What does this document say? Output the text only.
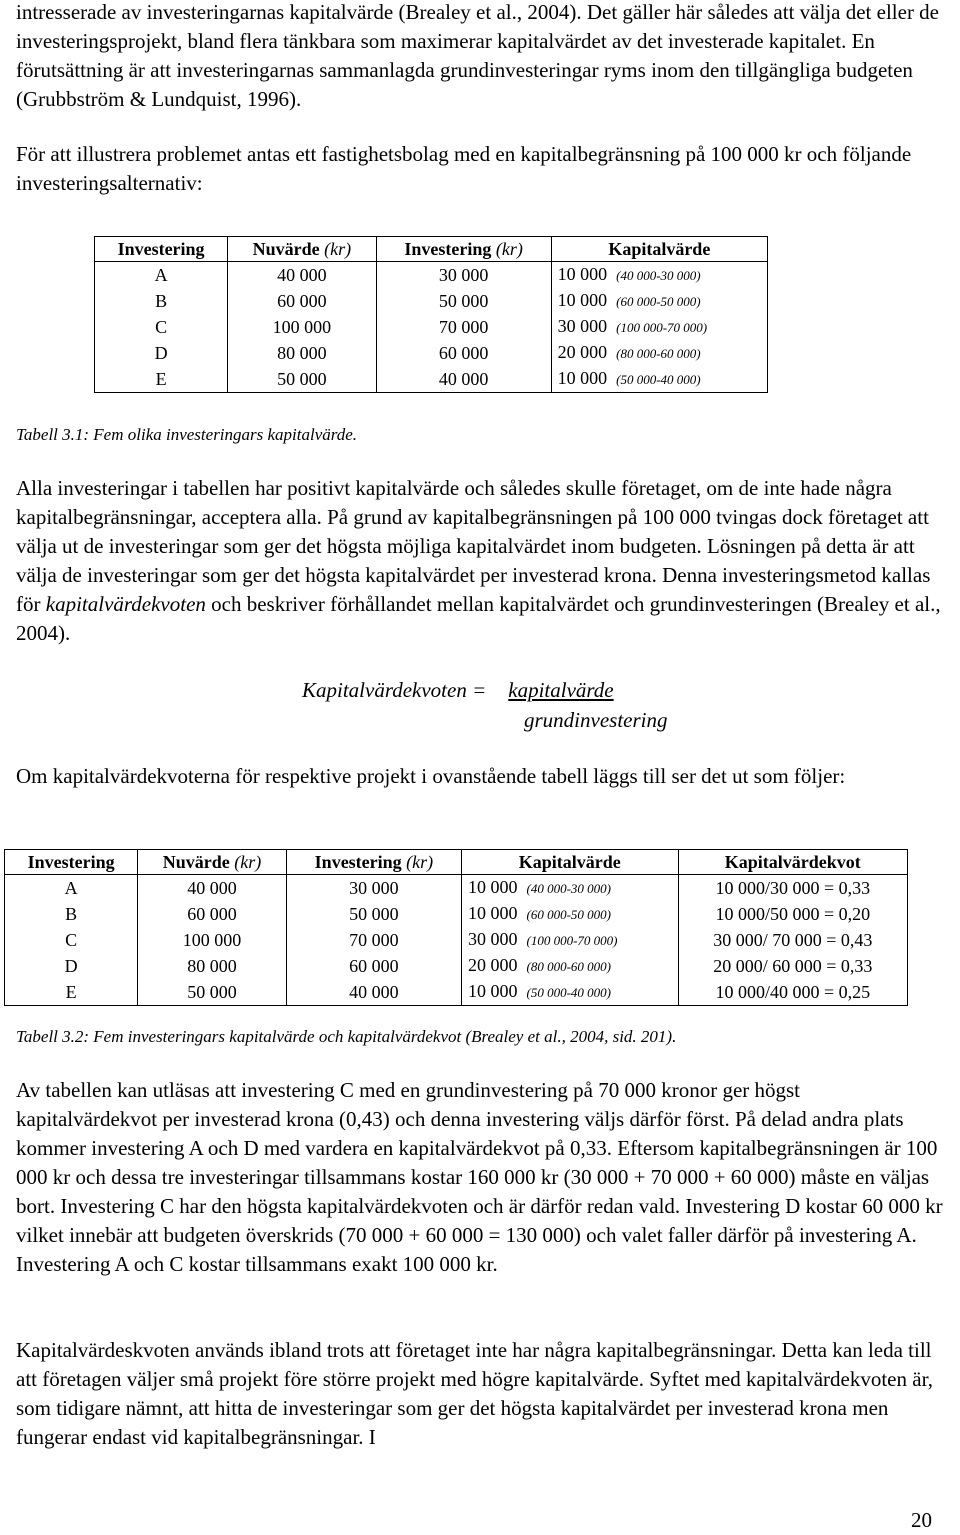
intresserade av investeringarnas kapitalvärde (Brealey et al., 2004). Det gäller här således att välja det eller de investeringsprojekt, bland flera tänkbara som maximerar kapitalvärdet av det investerade kapitalet. En förutsättning är att investeringarnas sammanlagda grundinvesteringar ryms inom den tillgängliga budgeten (Grubbström & Lundquist, 1996).

För att illustrera problemet antas ett fastighetsbolag med en kapitalbegränsning på 100 000 kr och följande investeringsalternativ:

Investering	Nuvärde (kr)	Investering (kr)	Kapitalvärde
A	40 000	30 000	10 000 (40 000-30 000)
B	60 000	50 000	10 000 (60 000-50 000)
C	100 000	70 000	30 000 (100 000-70 000)
D	80 000	60 000	20 000 (80 000-60 000)
E	50 000	40 000	10 000 (50 000-40 000)
Tabell 3.1: Fem olika investeringars kapitalvärde.

Alla investeringar i tabellen har positivt kapitalvärde och således skulle företaget, om de inte hade några kapitalbegränsningar, acceptera alla. På grund av kapitalbegränsningen på 100 000 tvingas dock företaget att välja ut de investeringar som ger det högsta möjliga kapitalvärdet inom budgeten. Lösningen på detta är att välja de investeringar som ger det högsta kapitalvärdet per investerad krona. Denna investeringsmetod kallas för kapitalvärdekvoten och beskriver förhållandet mellan kapitalvärdet och grundinvesteringen (Brealey et al., 2004).

Kapitalvärdekvoten = kapitalvärde
grundinvestering

Om kapitalvärdekvoterna för respektive projekt i ovanstående tabell läggs till ser det ut som följer:

Investering	Nuvärde (kr)	Investering (kr)	Kapitalvärde	Kapitalvärdekvot
A	40 000	30 000	10 000 (40 000-30 000)	10 000/30 000 = 0,33
B	60 000	50 000	10 000 (60 000-50 000)	10 000/50 000 = 0,20
C	100 000	70 000	30 000 (100 000-70 000)	30 000/ 70 000 = 0,43
D	80 000	60 000	20 000 (80 000-60 000)	20 000/ 60 000 = 0,33
E	50 000	40 000	10 000 (50 000-40 000)	10 000/40 000 = 0,25
Tabell 3.2: Fem investeringars kapitalvärde och kapitalvärdekvot (Brealey et al., 2004, sid. 201).

Av tabellen kan utläsas att investering C med en grundinvestering på 70 000 kronor ger högst kapitalvärdekvot per investerad krona (0,43) och denna investering väljs därför först. På delad andra plats kommer investering A och D med vardera en kapitalvärdekvot på 0,33. Eftersom kapitalbegränsningen är 100 000 kr och dessa tre investeringar tillsammans kostar 160 000 kr (30 000 + 70 000 + 60 000) måste en väljas bort. Investering C har den högsta kapitalvärdekvoten och är därför redan vald. Investering D kostar 60 000 kr vilket innebär att budgeten överskrids (70 000 + 60 000 = 130 000) och valet faller därför på investering A. Investering A och C kostar tillsammans exakt 100 000 kr.

Kapitalvärdeskvoten används ibland trots att företaget inte har några kapitalbegränsningar. Detta kan leda till att företagen väljer små projekt före större projekt med högre kapitalvärde. Syftet med kapitalvärdekvoten är, som tidigare nämnt, att hitta de investeringar som ger det högsta kapitalvärdet per investerad krona men fungerar endast vid kapitalbegränsningar. I

20
